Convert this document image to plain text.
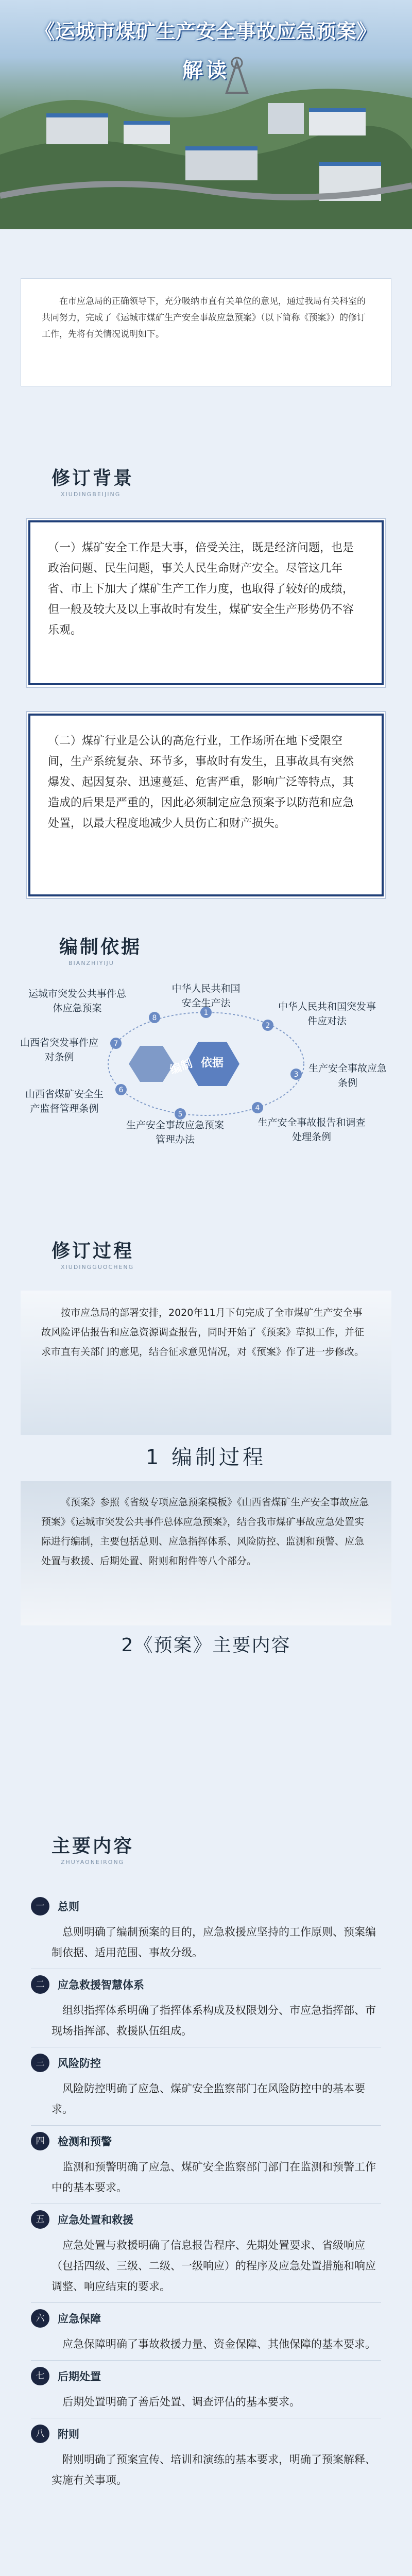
《运城市煤矿生产安全事故应急预案》
解读

在市应急局的正确领导下，充分吸纳市直有关单位的意见，通过我局有关科室的共同努力，完成了《运城市煤矿生产安全事故应急预案》（以下简称《预案》）的修订工作，先将有关情况说明如下。

修订背景
XIUDINGBEIJING

（一）煤矿安全工作是大事，倍受关注，既是经济问题，也是政治问题、民生问题，事关人民生命财产安全。尽管这几年省、市上下加大了煤矿生产工作力度，也取得了较好的成绩，但一般及较大及以上事故时有发生，煤矿安全生产形势仍不容乐观。

（二）煤矿行业是公认的高危行业，工作场所在地下受限空间，生产系统复杂、环节多，事故时有发生，且事故具有突然爆发、起因复杂、迅速蔓延、危害严重，影响广泛等特点，其造成的后果是严重的，因此必须制定应急预案予以防范和应急处置，以最大程度地减少人员伤亡和财产损失。

编制依据
BIANZHIYIJU
1
2
3
4
5
6
7
8
编制 依据
中华人民共和国安全生产法	中华人民共和国突发事件应对法
生产安全事故应急条例
生产安全事故报告和调查处理条例
生产安全事故应急预案管理办法
山西省煤矿安全生产监督管理条例
山西省突发事件应对条例
运城市突发公共事件总体应急预案
修订过程
XIUDINGGUOCHENG

按市应急局的部署安排，2020年11月下旬完成了全市煤矿生产安全事故风险评估报告和应急资源调查报告，同时开始了《预案》草拟工作，并征求市直有关部门的意见，结合征求意见情况，对《预案》作了进一步修改。

1 编制过程

《预案》参照《省级专项应急预案模板》《山西省煤矿生产安全事故应急预案》《运城市突发公共事件总体应急预案》，结合我市煤矿事故应急处置实际进行编制，主要包括总则、应急指挥体系、风险防控、监测和预警、应急处置与救援、后期处置、附则和附件等八个部分。

2《预案》主要内容
主要内容
ZHUYAONEIRONG
一	总则
总则明确了编制预案的目的，应急救援应坚持的工作原则、预案编制依据、适用范围、事故分级。
二	应急救援智慧体系
组织指挥体系明确了指挥体系构成及权限划分、市应急指挥部、市现场指挥部、救援队伍组成。
三	风险防控
风险防控明确了应急、煤矿安全监察部门在风险防控中的基本要求。
四	检测和预警
监测和预警明确了应急、煤矿安全监察部门部门在监测和预警工作中的基本要求。
五	应急处置和救援
应急处置与救援明确了信息报告程序、先期处置要求、省级响应（包括四级、三级、二级、一级响应）的程序及应急处置措施和响应调整、响应结束的要求。
六	应急保障
应急保障明确了事故救援力量、资金保障、其他保障的基本要求。
七	后期处置
后期处置明确了善后处置、调查评估的基本要求。
八	附则
附则明确了预案宣传、培训和演练的基本要求，明确了预案解释、实施有关事项。
